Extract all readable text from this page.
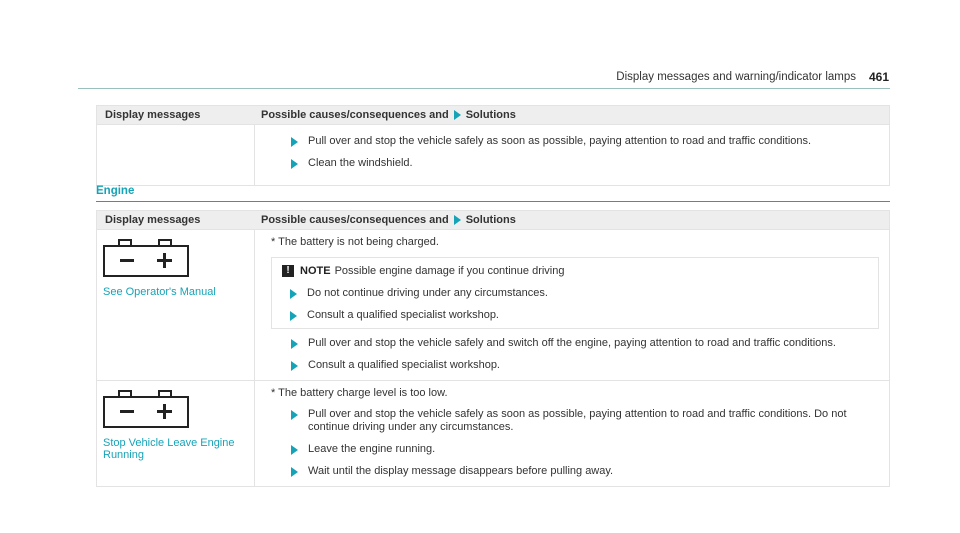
Display messages and warning/indicator lamps 461
Display messages	Possible causes/consequences and Solutions
Pull over and stop the vehicle safely as soon as possible, paying attention to road and traffic conditions.
Clean the windshield.
Engine
Display messages	Possible causes/consequences and Solutions
See Operator's Manual
* The battery is not being charged.
! NOTE Possible engine damage if you continue driving
Do not continue driving under any circumstances.
Consult a qualified specialist workshop.
Pull over and stop the vehicle safely and switch off the engine, paying attention to road and traffic conditions.
Consult a qualified specialist workshop.
Stop Vehicle Leave Engine Running
* The battery charge level is too low.
Pull over and stop the vehicle safely as soon as possible, paying attention to road and traffic conditions. Do not continue driving under any circumstances.
Leave the engine running.
Wait until the display message disappears before pulling away.
